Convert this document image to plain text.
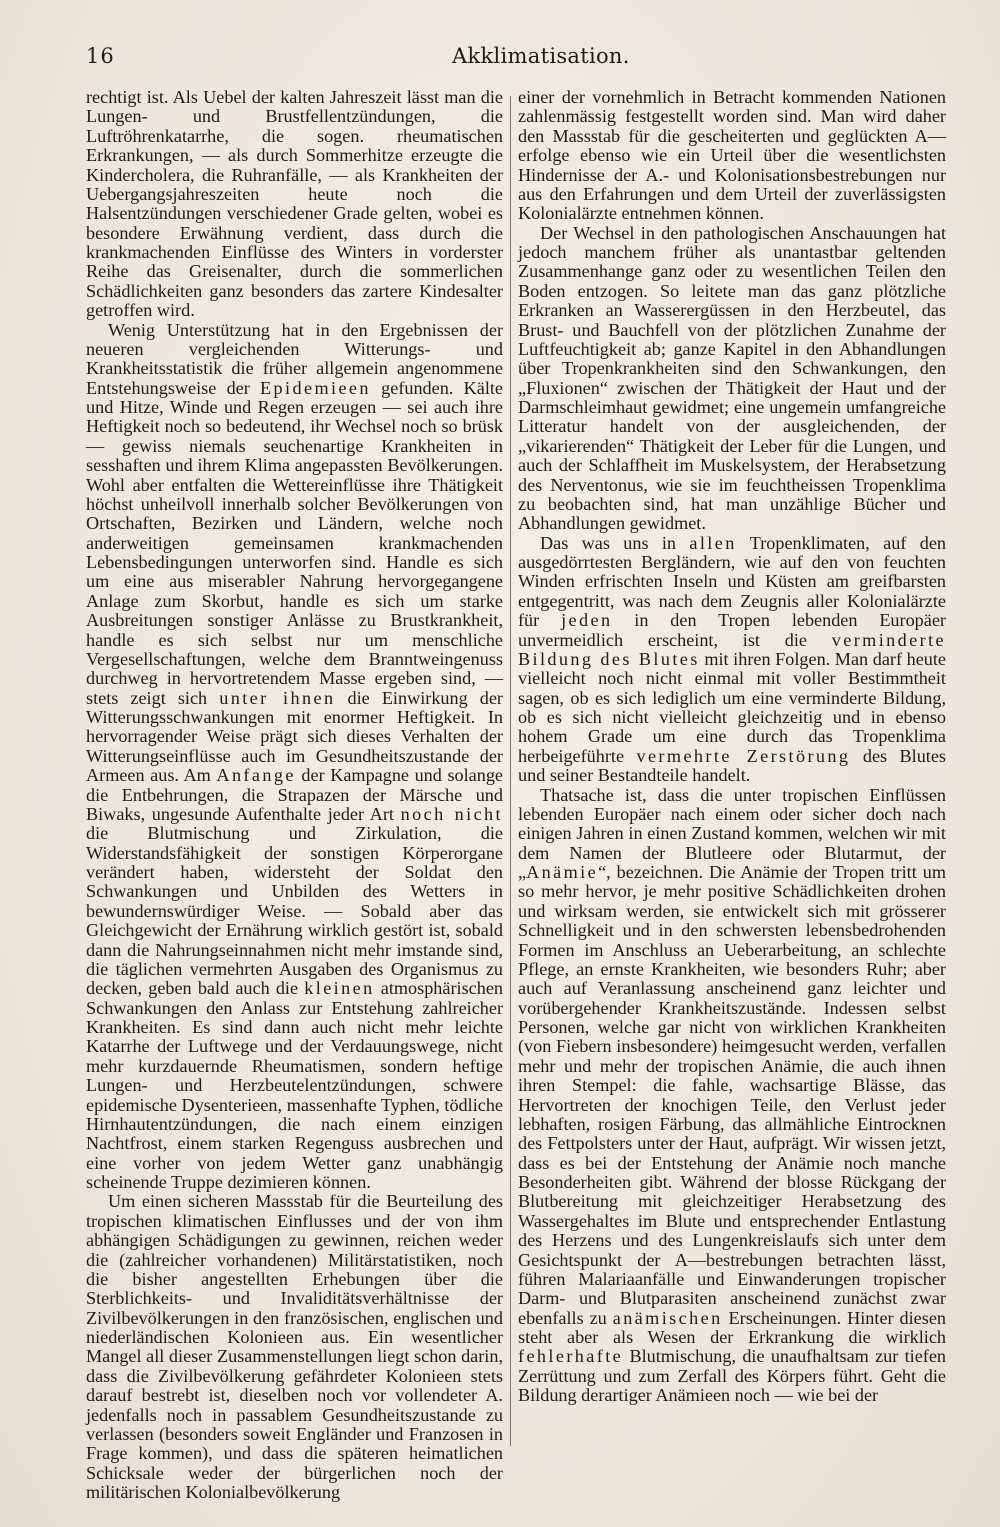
16	Akklimatisation.

rechtigt ist. Als Uebel der kalten Jahreszeit lässt man die Lungen- und Brustfellentzündungen, die Luftröhrenkatarrhe, die sogen. rheumatischen Erkrankungen, — als durch Sommerhitze erzeugte die Kindercholera, die Ruhranfälle, — als Krankheiten der Uebergangsjahreszeiten heute noch die Halsentzündungen verschiedener Grade gelten, wobei es besondere Erwähnung verdient, dass durch die krankmachenden Einflüsse des Winters in vorderster Reihe das Greisenalter, durch die sommerlichen Schädlichkeiten ganz besonders das zartere Kindesalter getroffen wird.

Wenig Unterstützung hat in den Ergebnissen der neueren vergleichenden Witterungs- und Krankheitsstatistik die früher allgemein angenommene Entstehungsweise der Epidemieen gefunden. Kälte und Hitze, Winde und Regen erzeugen — sei auch ihre Heftigkeit noch so bedeutend, ihr Wechsel noch so brüsk — gewiss niemals seuchenartige Krankheiten in sesshaften und ihrem Klima angepassten Bevölkerungen. Wohl aber entfalten die Wettereinflüsse ihre Thätigkeit höchst unheilvoll innerhalb solcher Bevölkerungen von Ortschaften, Bezirken und Ländern, welche noch anderweitigen gemeinsamen krankmachenden Lebensbedingungen unterworfen sind. Handle es sich um eine aus miserabler Nahrung hervorgegangene Anlage zum Skorbut, handle es sich um starke Ausbreitungen sonstiger Anlässe zu Brustkrankheit, handle es sich selbst nur um menschliche Vergesellschaftungen, welche dem Branntweingenuss durchweg in hervortretendem Masse ergeben sind, — stets zeigt sich unter ihnen die Einwirkung der Witterungsschwankungen mit enormer Heftigkeit. In hervorragender Weise prägt sich dieses Verhalten der Witterungseinflüsse auch im Gesundheitszustande der Armeen aus. Am Anfange der Kampagne und solange die Entbehrungen, die Strapazen der Märsche und Biwaks, ungesunde Aufenthalte jeder Art noch nicht die Blutmischung und Zirkulation, die Widerstandsfähigkeit der sonstigen Körperorgane verändert haben, widersteht der Soldat den Schwankungen und Unbilden des Wetters in bewundernswürdiger Weise. — Sobald aber das Gleichgewicht der Ernährung wirklich gestört ist, sobald dann die Nahrungseinnahmen nicht mehr imstande sind, die täglichen vermehrten Ausgaben des Organismus zu decken, geben bald auch die kleinen atmosphärischen Schwankungen den Anlass zur Entstehung zahlreicher Krankheiten. Es sind dann auch nicht mehr leichte Katarrhe der Luftwege und der Verdauungswege, nicht mehr kurzdauernde Rheumatismen, sondern heftige Lungen- und Herzbeutelentzündungen, schwere epidemische Dysenterieen, massenhafte Typhen, tödliche Hirnhautentzündungen, die nach einem einzigen Nachtfrost, einem starken Regenguss ausbrechen und eine vorher von jedem Wetter ganz unabhängig scheinende Truppe dezimieren können.

Um einen sicheren Massstab für die Beurteilung des tropischen klimatischen Einflusses und der von ihm abhängigen Schädigungen zu gewinnen, reichen weder die (zahlreicher vorhandenen) Militärstatistiken, noch die bisher angestellten Erhebungen über die Sterblichkeits- und Invaliditätsverhältnisse der Zivilbevölkerungen in den französischen, englischen und niederländischen Kolonieen aus. Ein wesentlicher Mangel all dieser Zusammenstellungen liegt schon darin, dass die Zivilbevölkerung gefährdeter Kolonieen stets darauf bestrebt ist, dieselben noch vor vollendeter A. jedenfalls noch in passablem Gesundheitszustande zu verlassen (besonders soweit Engländer und Franzosen in Frage kommen), und dass die späteren heimatlichen Schicksale weder der bürgerlichen noch der militärischen Kolonialbevölkerung

einer der vornehmlich in Betracht kommenden Nationen zahlenmässig festgestellt worden sind. Man wird daher den Massstab für die gescheiterten und geglückten A—erfolge ebenso wie ein Urteil über die wesentlichsten Hindernisse der A.- und Kolonisationsbestrebungen nur aus den Erfahrungen und dem Urteil der zuverlässigsten Kolonialärzte entnehmen können.

Der Wechsel in den pathologischen Anschauungen hat jedoch manchem früher als unantastbar geltenden Zusammenhange ganz oder zu wesentlichen Teilen den Boden entzogen. So leitete man das ganz plötzliche Erkranken an Wasserergüssen in den Herzbeutel, das Brust- und Bauchfell von der plötzlichen Zunahme der Luftfeuchtigkeit ab; ganze Kapitel in den Abhandlungen über Tropenkrankheiten sind den Schwankungen, den „Fluxionen“ zwischen der Thätigkeit der Haut und der Darmschleimhaut gewidmet; eine ungemein umfangreiche Litteratur handelt von der ausgleichenden, der „vikarierenden“ Thätigkeit der Leber für die Lungen, und auch der Schlaffheit im Muskelsystem, der Herabsetzung des Nerventonus, wie sie im feuchtheissen Tropenklima zu beobachten sind, hat man unzählige Bücher und Abhandlungen gewidmet.

Das was uns in allen Tropenklimaten, auf den ausgedörrtesten Bergländern, wie auf den von feuchten Winden erfrischten Inseln und Küsten am greifbarsten entgegentritt, was nach dem Zeugnis aller Kolonialärzte für jeden in den Tropen lebenden Europäer unvermeidlich erscheint, ist die verminderte Bildung des Blutes mit ihren Folgen. Man darf heute vielleicht noch nicht einmal mit voller Bestimmtheit sagen, ob es sich lediglich um eine verminderte Bildung, ob es sich nicht vielleicht gleichzeitig und in ebenso hohem Grade um eine durch das Tropenklima herbeigeführte vermehrte Zerstörung des Blutes und seiner Bestandteile handelt.

Thatsache ist, dass die unter tropischen Einflüssen lebenden Europäer nach einem oder sicher doch nach einigen Jahren in einen Zustand kommen, welchen wir mit dem Namen der Blutleere oder Blutarmut, der „Anämie“, bezeichnen. Die Anämie der Tropen tritt um so mehr hervor, je mehr positive Schädlichkeiten drohen und wirksam werden, sie entwickelt sich mit grösserer Schnelligkeit und in den schwersten lebensbedrohenden Formen im Anschluss an Ueberarbeitung, an schlechte Pflege, an ernste Krankheiten, wie besonders Ruhr; aber auch auf Veranlassung anscheinend ganz leichter und vorübergehender Krankheitszustände. Indessen selbst Personen, welche gar nicht von wirklichen Krankheiten (von Fiebern insbesondere) heimgesucht werden, verfallen mehr und mehr der tropischen Anämie, die auch ihnen ihren Stempel: die fahle, wachsartige Blässe, das Hervortreten der knochigen Teile, den Verlust jeder lebhaften, rosigen Färbung, das allmähliche Eintrocknen des Fettpolsters unter der Haut, aufprägt. Wir wissen jetzt, dass es bei der Entstehung der Anämie noch manche Besonderheiten gibt. Während der blosse Rückgang der Blutbereitung mit gleichzeitiger Herabsetzung des Wassergehaltes im Blute und entsprechender Entlastung des Herzens und des Lungenkreislaufs sich unter dem Gesichtspunkt der A—bestrebungen betrachten lässt, führen Malariaanfälle und Einwanderungen tropischer Darm- und Blutparasiten anscheinend zunächst zwar ebenfalls zu anämischen Erscheinungen. Hinter diesen steht aber als Wesen der Erkrankung die wirklich fehlerhafte Blutmischung, die unaufhaltsam zur tiefen Zerrüttung und zum Zerfall des Körpers führt. Geht die Bildung derartiger Anämieen noch — wie bei der
